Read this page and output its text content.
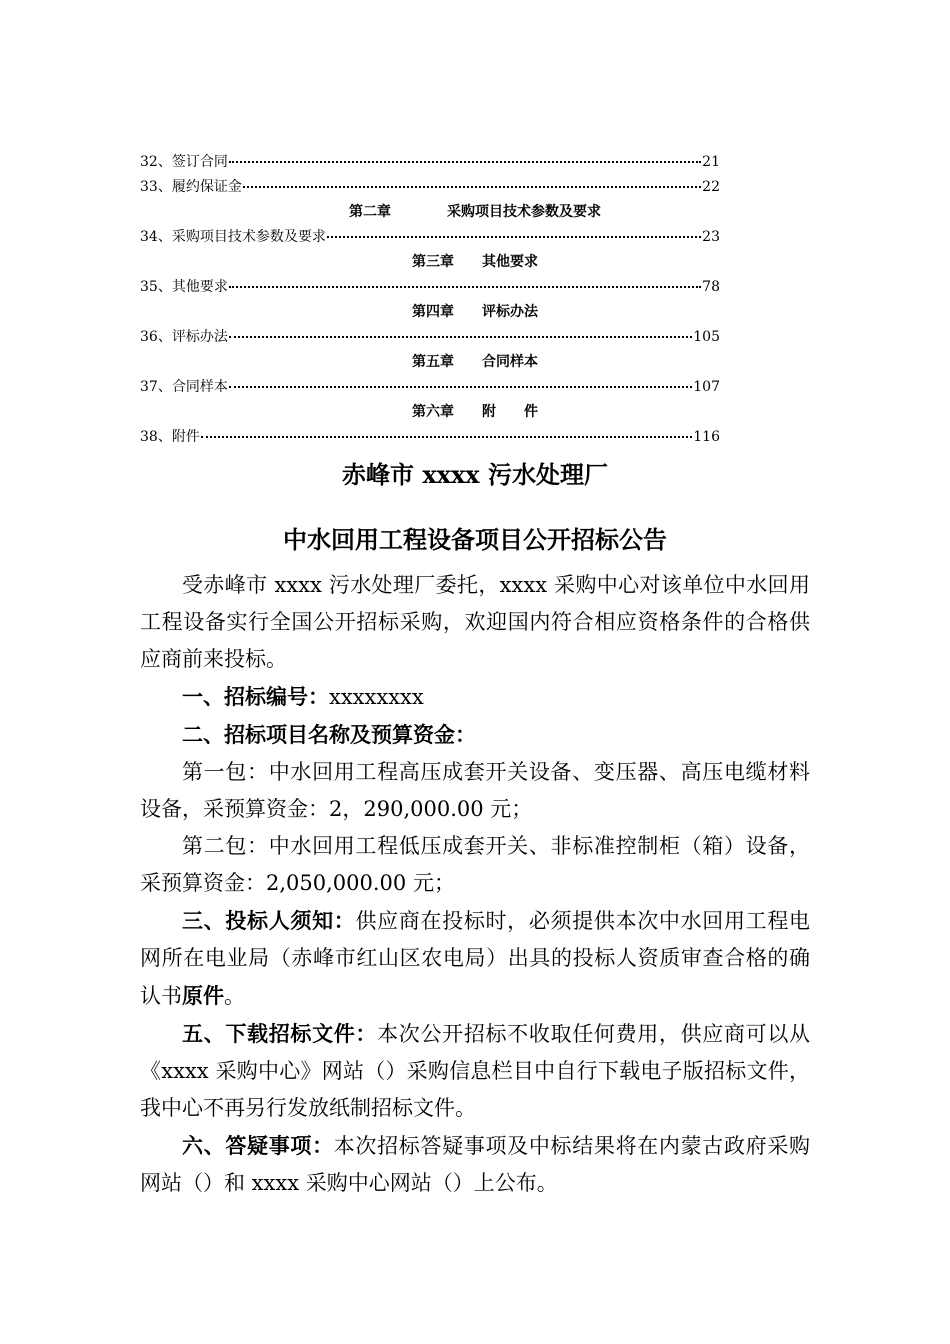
32、签订合同	21
33、履约保证金	22
第二章　　　　采购项目技术参数及要求
34、采购项目技术参数及要求	23
第三章　　其他要求
35、其他要求	78
第四章　　评标办法
36、评标办法	105
第五章　　合同样本
37、合同样本	107
第六章　　附　　件
38、附件	116
赤峰市 xxxx 污水处理厂
中水回用工程设备项目公开招标公告

受赤峰市 xxxx 污水处理厂委托，xxxx 采购中心对该单位中水回用工程设备实行全国公开招标采购，欢迎国内符合相应资格条件的合格供应商前来投标。

一、招标编号：xxxxxxxx

二、招标项目名称及预算资金：

第一包：中水回用工程高压成套开关设备、变压器、高压电缆材料设备，采预算资金：2，290,000.00 元；

第二包：中水回用工程低压成套开关、非标准控制柜（箱）设备，采预算资金：2,050,000.00 元；

三、投标人须知：供应商在投标时，必须提供本次中水回用工程电网所在电业局（赤峰市红山区农电局）出具的投标人资质审查合格的确认书原件。

五、下载招标文件：本次公开招标不收取任何费用，供应商可以从《xxxx 采购中心》网站（）采购信息栏目中自行下载电子版招标文件，我中心不再另行发放纸制招标文件。

六、答疑事项：本次招标答疑事项及中标结果将在内蒙古政府采购网站（）和 xxxx 采购中心网站（）上公布。
